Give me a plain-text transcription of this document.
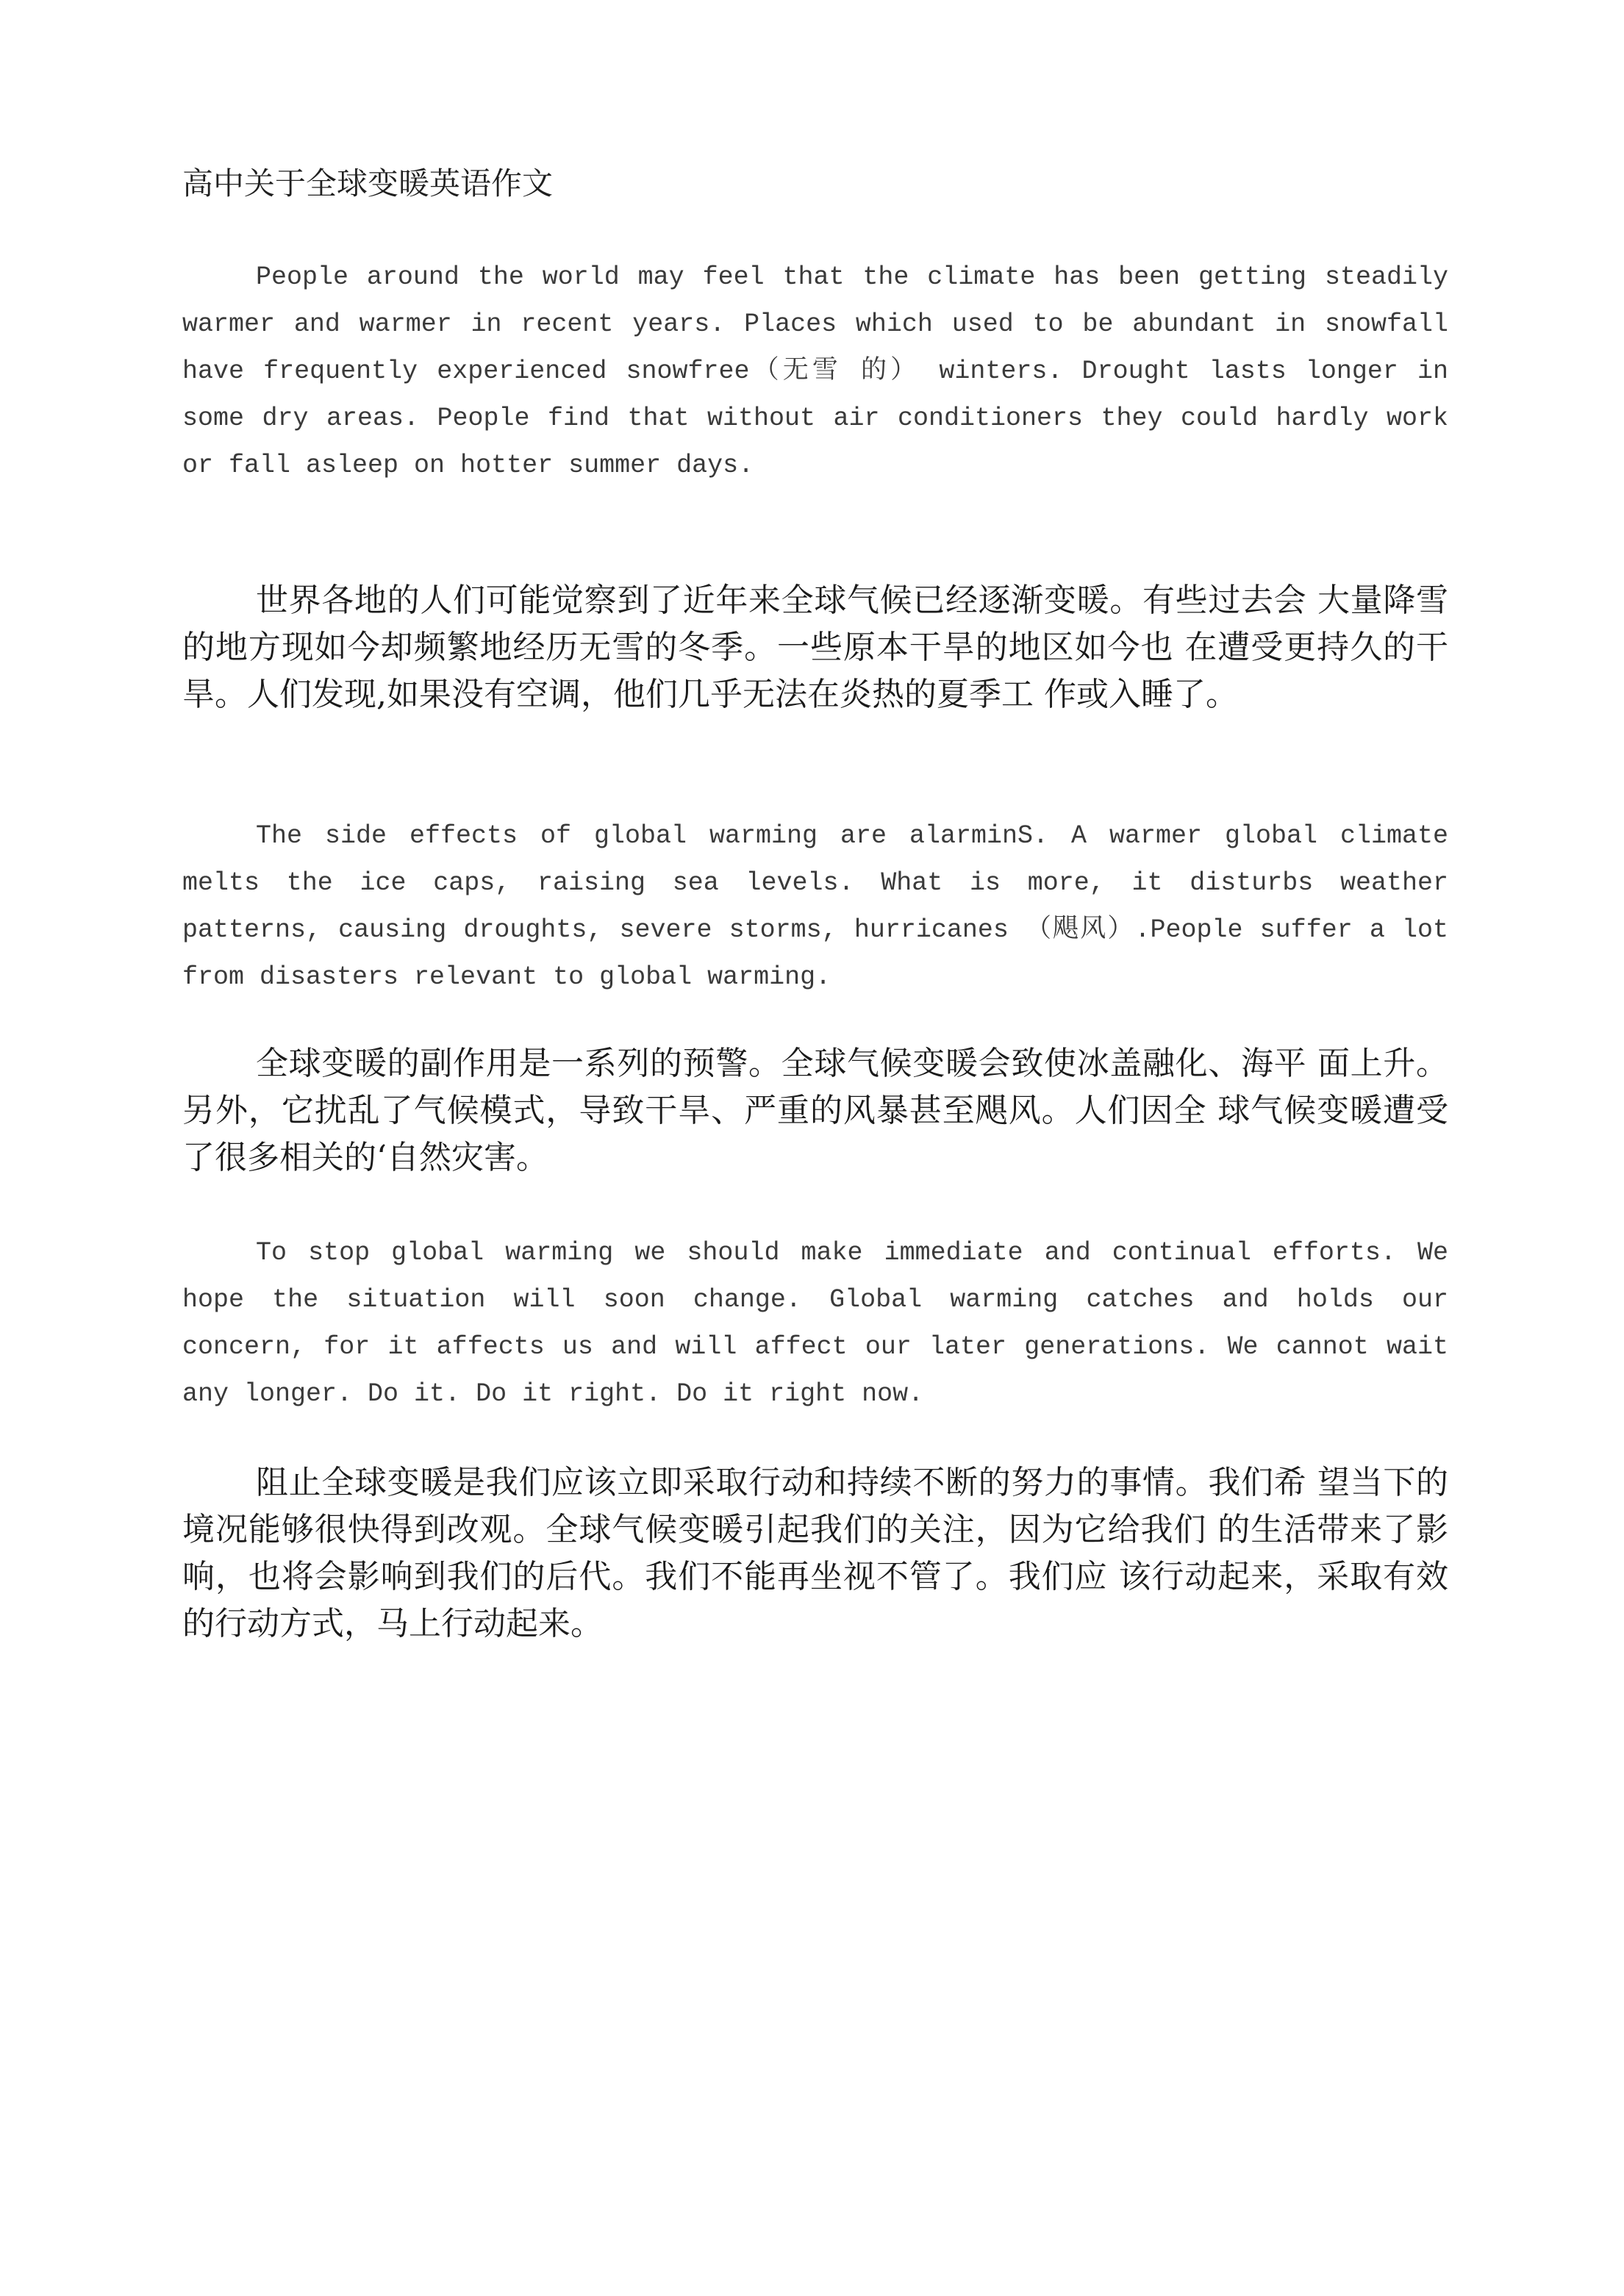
高中关于全球变暖英语作文

People around the world may feel that the climate has been getting steadily warmer and warmer in recent years. Places which used to be abundant in snowfall have frequently experienced snowfree（无雪 的） winters. Drought lasts longer in some dry areas. People find that without air conditioners they could hardly work or fall asleep on hotter summer days.

世界各地的人们可能觉察到了近年来全球气候已经逐渐变暖。有些过去会 大量降雪的地方现如今却频繁地经历无雪的冬季。一些原本干旱的地区如今也 在遭受更持久的干旱。人们发现,如果没有空调，他们几乎无法在炎热的夏季工 作或入睡了。

The side effects of global warming are alarminS. A warmer global climate melts the ice caps, raising sea levels. What is more, it disturbs weather patterns, causing droughts, severe storms, hurricanes （飓风）.People suffer a lot from disasters relevant to global warming.

全球变暖的副作用是一系列的预警。全球气候变暖会致使冰盖融化、海平 面上升。另外，它扰乱了气候模式，导致干旱、严重的风暴甚至飓风。人们因全 球气候变暖遭受了很多相关的‘自然灾害。

To stop global warming we should make immediate and continual efforts. We hope the situation will soon change. Global warming catches and holds our concern, for it affects us and will affect our later generations. We cannot wait any longer. Do it. Do it right. Do it right now.

阻止全球变暖是我们应该立即采取行动和持续不断的努力的事情。我们希 望当下的境况能够很快得到改观。全球气候变暖引起我们的关注，因为它给我们 的生活带来了影响，也将会影响到我们的后代。我们不能再坐视不管了。我们应 该行动起来，采取有效的行动方式，马上行动起来。
